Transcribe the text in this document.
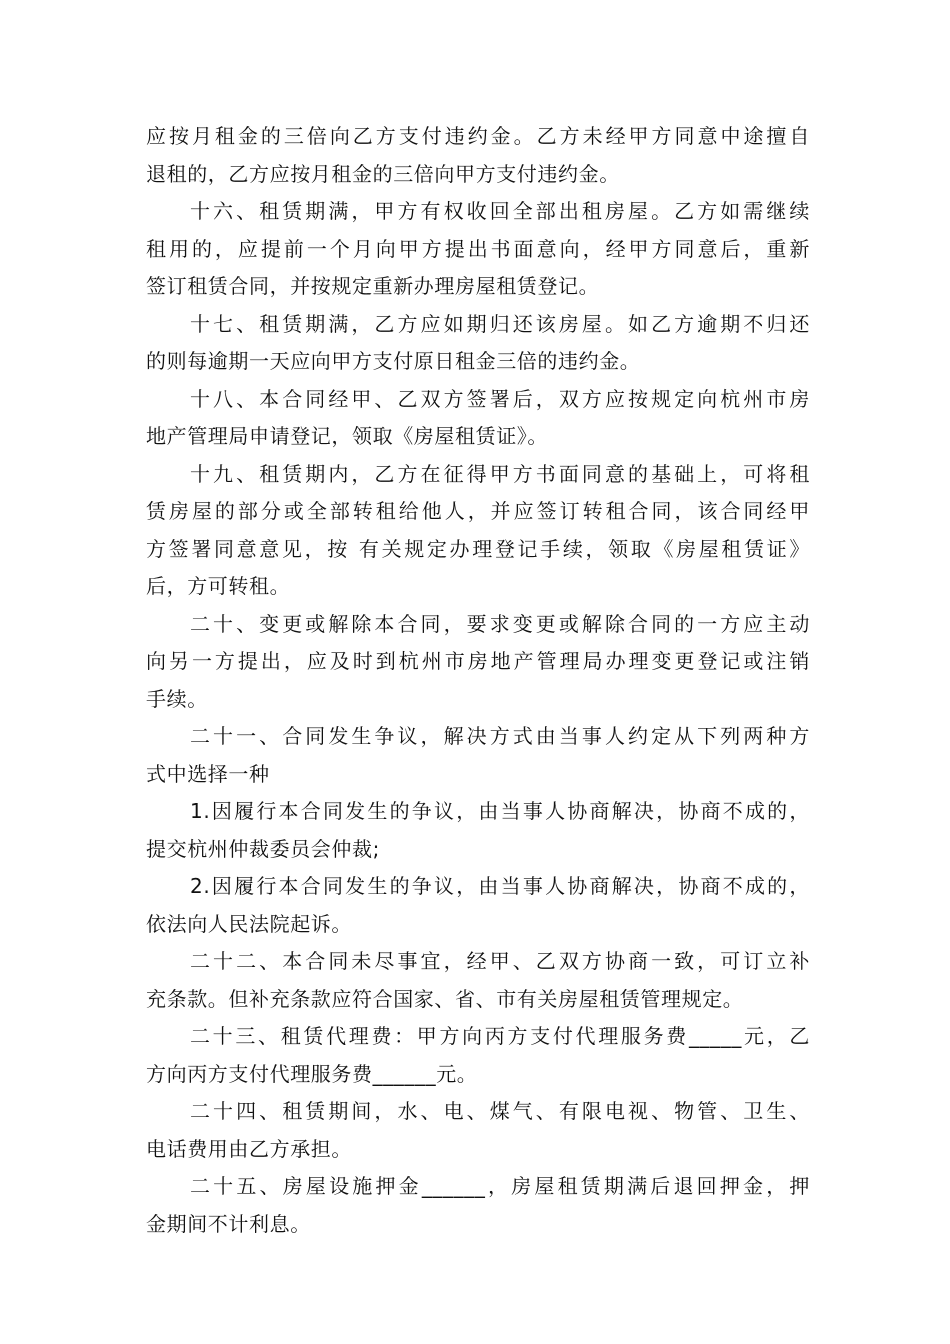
应按月租金的三倍向乙方支付违约金。乙方未经甲方同意中途擅自
退租的，乙方应按月租金的三倍向甲方支付违约金。
十六、租赁期满，甲方有权收回全部出租房屋。乙方如需继续
租用的，应提前一个月向甲方提出书面意向，经甲方同意后，重新
签订租赁合同，并按规定重新办理房屋租赁登记。
十七、租赁期满，乙方应如期归还该房屋。如乙方逾期不归还
的则每逾期一天应向甲方支付原日租金三倍的违约金。
十八、本合同经甲、乙双方签署后，双方应按规定向杭州市房
地产管理局申请登记，领取《房屋租赁证》。
十九、租赁期内，乙方在征得甲方书面同意的基础上，可将租
赁房屋的部分或全部转租给他人，并应签订转租合同，该合同经甲
方签署同意意见，按 有关规定办理登记手续，领取《房屋租赁证》
后，方可转租。
二十、变更或解除本合同，要求变更或解除合同的一方应主动
向另一方提出，应及时到杭州市房地产管理局办理变更登记或注销
手续。
二十一、合同发生争议，解决方式由当事人约定从下列两种方
式中选择一种
1.因履行本合同发生的争议，由当事人协商解决，协商不成的，
提交杭州仲裁委员会仲裁;
2.因履行本合同发生的争议，由当事人协商解决，协商不成的，
依法向人民法院起诉。
二十二、本合同未尽事宜，经甲、乙双方协商一致，可订立补
充条款。但补充条款应符合国家、省、市有关房屋租赁管理规定。
二十三、租赁代理费：甲方向丙方支付代理服务费_____元，乙
方向丙方支付代理服务费______元。
二十四、租赁期间，水、电、煤气、有限电视、物管、卫生、
电话费用由乙方承担。
二十五、房屋设施押金______，房屋租赁期满后退回押金，押
金期间不计利息。
